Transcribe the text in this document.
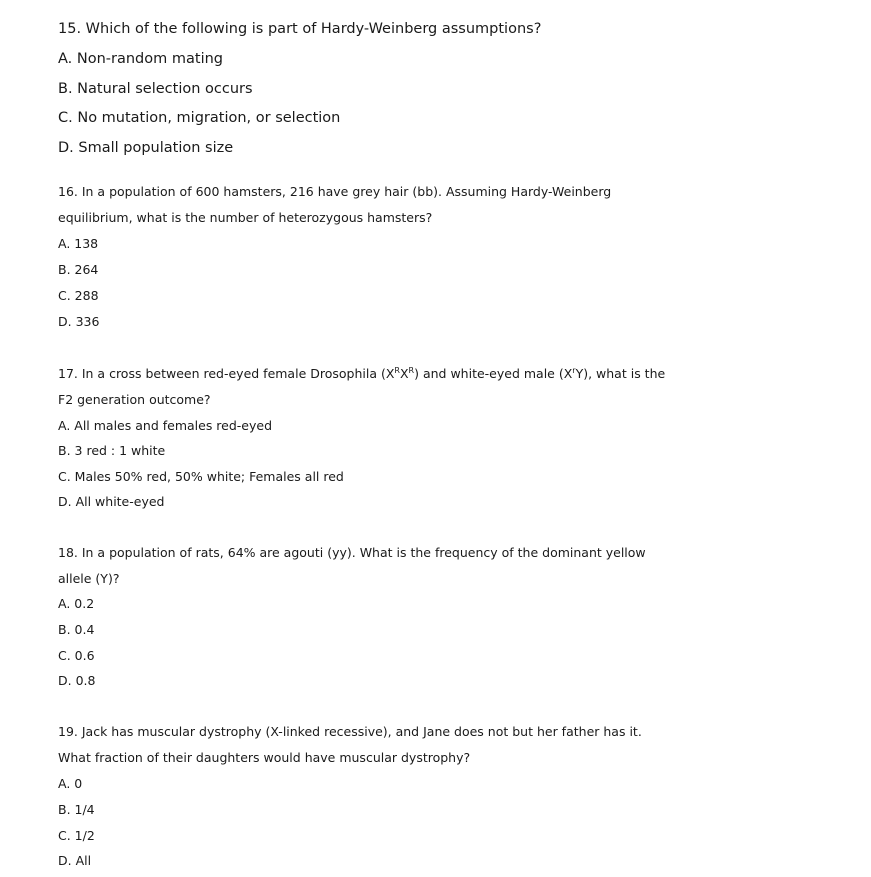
15. Which of the following is part of Hardy-Weinberg assumptions?
A. Non-random mating
B. Natural selection occurs
C. No mutation, migration, or selection
D. Small population size
16. In a population of 600 hamsters, 216 have grey hair (bb). Assuming Hardy-Weinberg
equilibrium, what is the number of heterozygous hamsters?
A. 138
B. 264
C. 288
D. 336
17. In a cross between red-eyed female Drosophila $(X^RX^R)$ and white-eyed male $(X^rY)$, what is the
F2 generation outcome?
A. All males and females red-eyed
B. 3 red : 1 white
C. Males 50% red, 50% white; Females all red
D. All white-eyed
18. In a population of rats, 64% are agouti (yy). What is the frequency of the dominant yellow
allele (Y)?
A. 0.2
B. 0.4
C. 0.6
D. 0.8
19. Jack has muscular dystrophy (X-linked recessive), and Jane does not but her father has it.
What fraction of their daughters would have muscular dystrophy?
A. 0
B. 1/4
C. 1/2
D. All
